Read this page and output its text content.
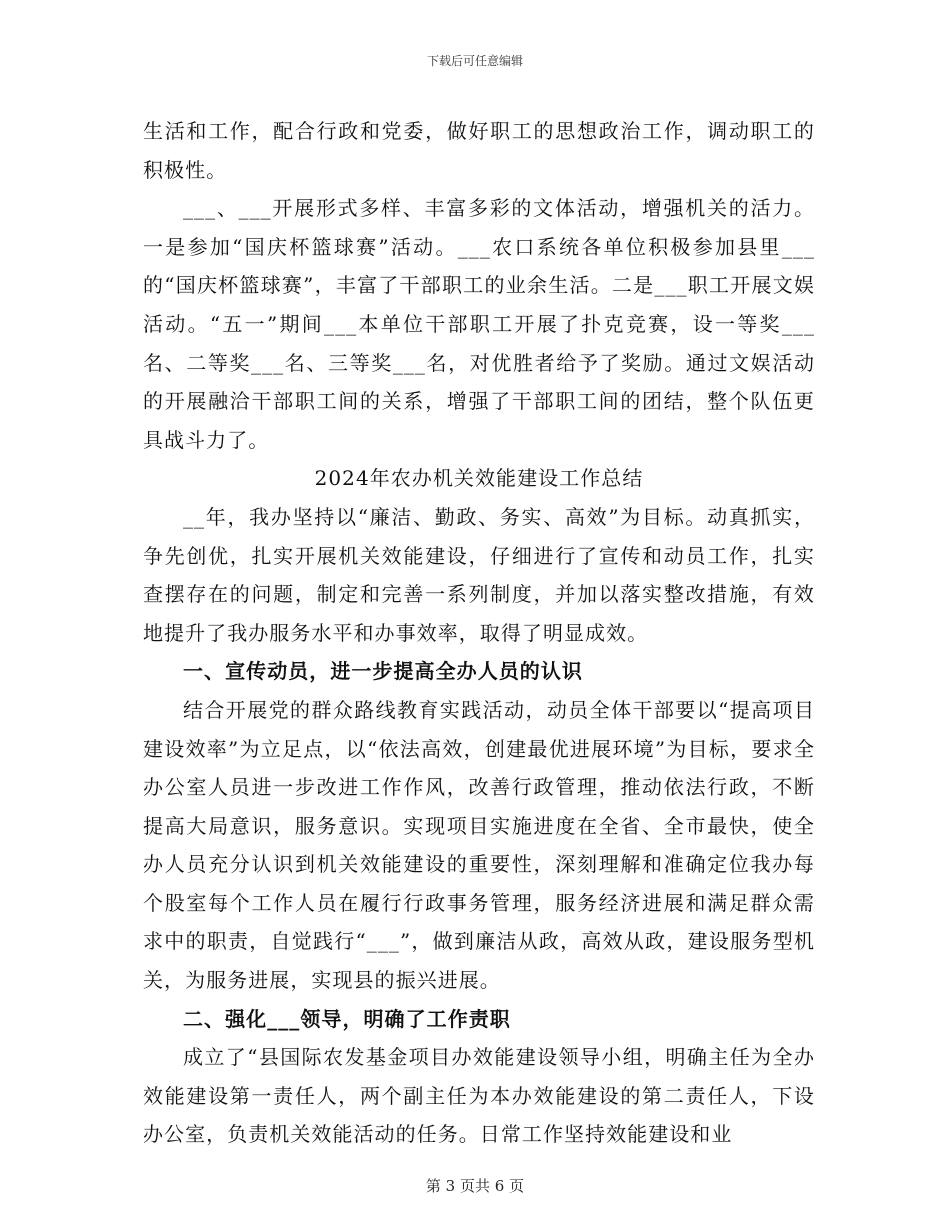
下载后可任意编辑

生活和工作，配合行政和党委，做好职工的思想政治工作，调动职工的积极性。

___、___开展形式多样、丰富多彩的文体活动，增强机关的活力。一是参加“国庆杯篮球赛”活动。___农口系统各单位积极参加县里___的“国庆杯篮球赛”，丰富了干部职工的业余生活。二是___职工开展文娱活动。“五一”期间___本单位干部职工开展了扑克竞赛，设一等奖___名、二等奖___名、三等奖___名，对优胜者给予了奖励。通过文娱活动的开展融洽干部职工间的关系，增强了干部职工间的团结，整个队伍更具战斗力了。

2024年农办机关效能建设工作总结

__年，我办坚持以“廉洁、勤政、务实、高效”为目标。动真抓实，争先创优，扎实开展机关效能建设，仔细进行了宣传和动员工作，扎实查摆存在的问题，制定和完善一系列制度，并加以落实整改措施，有效地提升了我办服务水平和办事效率，取得了明显成效。

一、宣传动员，进一步提高全办人员的认识

结合开展党的群众路线教育实践活动，动员全体干部要以“提高项目建设效率”为立足点，以“依法高效，创建最优进展环境”为目标，要求全办公室人员进一步改进工作作风，改善行政管理，推动依法行政，不断提高大局意识，服务意识。实现项目实施进度在全省、全市最快，使全办人员充分认识到机关效能建设的重要性，深刻理解和准确定位我办每个股室每个工作人员在履行行政事务管理，服务经济进展和满足群众需求中的职责，自觉践行“___”，做到廉洁从政，高效从政，建设服务型机关，为服务进展，实现县的振兴进展。

二、强化___领导，明确了工作责职

成立了“县国际农发基金项目办效能建设领导小组，明确主任为全办效能建设第一责任人，两个副主任为本办效能建设的第二责任人，下设办公室，负责机关效能活动的任务。日常工作坚持效能建设和业

第 3 页共 6 页
